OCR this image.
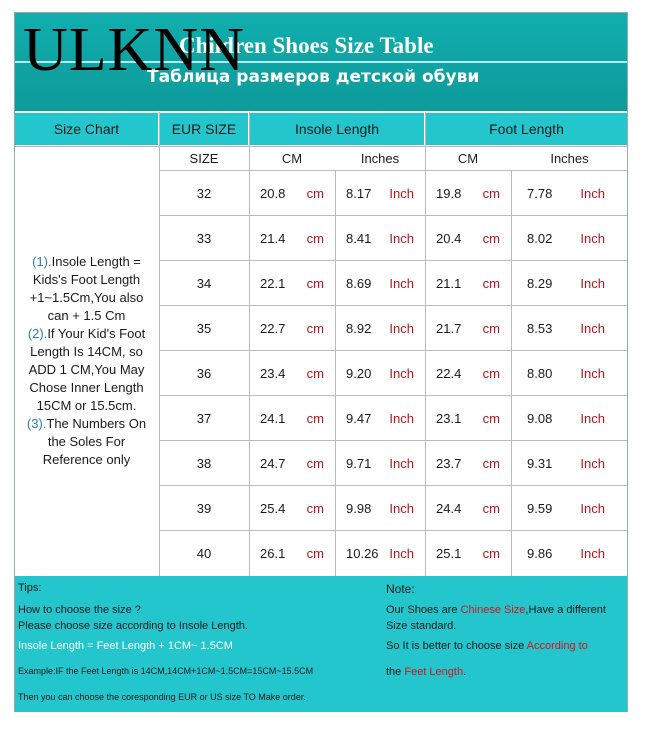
Children Shoes Size Table
Таблица размеров детской обуви
ULKNN
Size Chart	EUR SIZE	Insole Length	Foot Length
SIZE	CM	Inches	CM	Inches
(1).Insole Length =
Kids's Foot Length
+1~1.5Cm,You also
can + 1.5 Cm
(2).If Your Kid's Foot
Length Is 14CM, so
ADD 1 CM,You May
Chose Inner Length
15CM or 15.5cm.
(3).The Numbers On
the Soles For
Reference only
32	20.8 cm 8.17 Inch 19.8 cm 7.78 Inch
33	21.4 cm 8.41 Inch 20.4 cm 8.02 Inch
34	22.1 cm 8.69 Inch 21.1 cm 8.29 Inch
35	22.7 cm 8.92 Inch 21.7 cm 8.53 Inch
36	23.4 cm 9.20 Inch 22.4 cm 8.80 Inch
37	24.1 cm 9.47 Inch 23.1 cm 9.08 Inch
38	24.7 cm 9.71 Inch 23.7 cm 9.31 Inch
39	25.4 cm 9.98 Inch 24.4 cm 9.59 Inch
40	26.1 cm 10.26 Inch 25.1 cm 9.86 Inch
Tips:
How to choose the size ?
Please choose size according to Insole Length.
Insole Length = Feet Length + 1CM~ 1.5CM
Example:IF the Feet Length is 14CM,14CM+1CM~1.5CM=15CM~15.5CM
Then you can choose the coresponding EUR or US size TO Make order.
Note:
Our Shoes are Chinese Size,Have a different
Size standard.
So It is better to choose size According to
the Feet Length.
